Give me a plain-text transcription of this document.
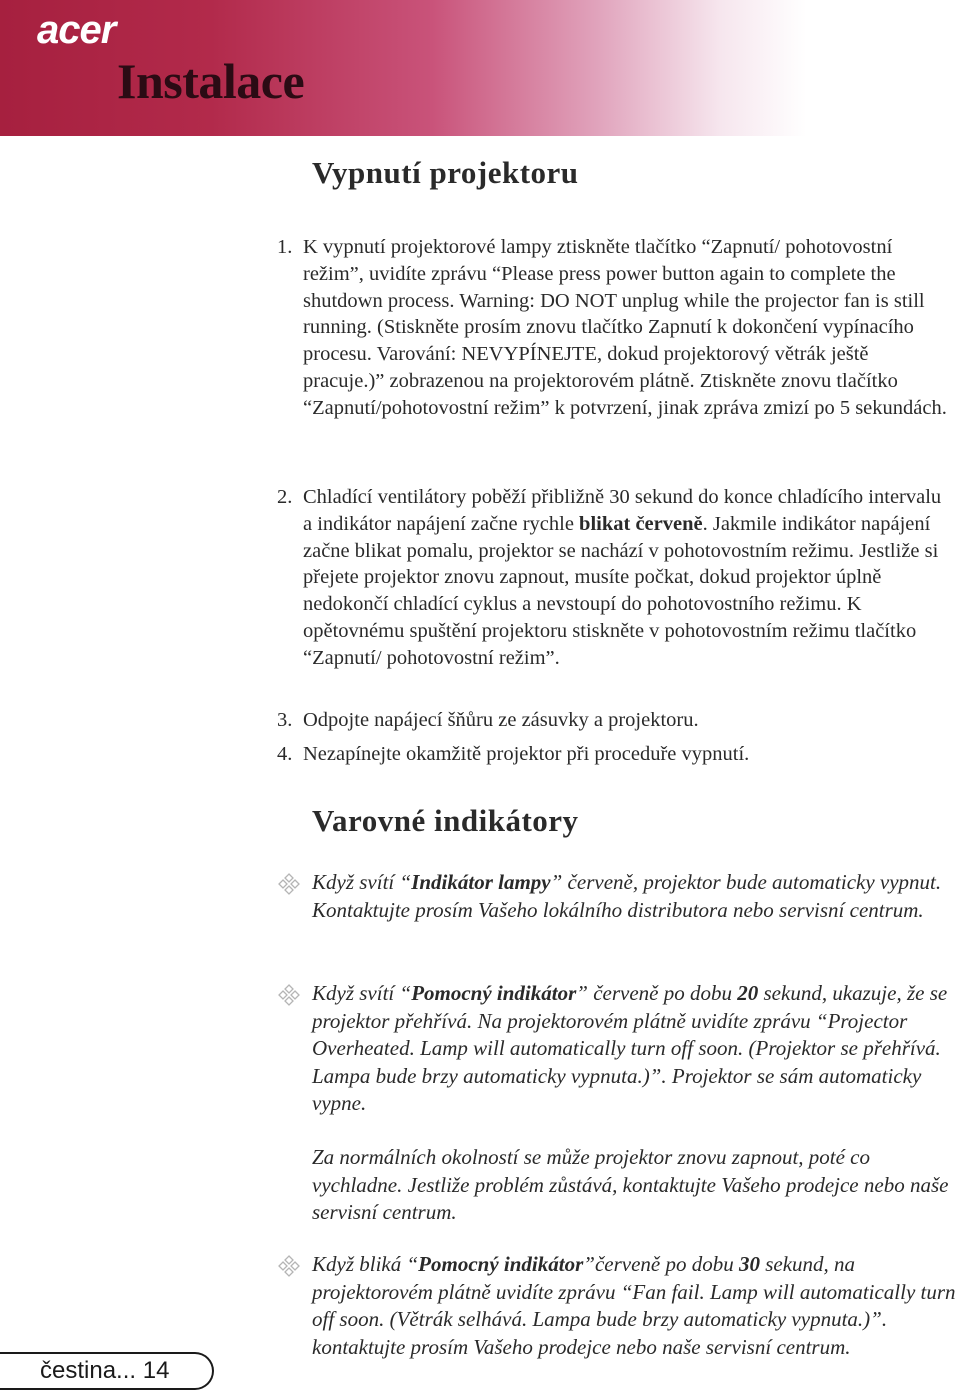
acer
Instalace
Vypnutí projektoru

1. K vypnutí projektorové lampy ztiskněte tlačítko “Zapnutí/ pohotovostní režim”, uvidíte zprávu “Please press power button again to complete the shutdown process. Warning: DO NOT unplug while the projector fan is still running. (Stiskněte prosím znovu tlačítko Zapnutí k dokončení vypínacího procesu. Varování: NEVYPÍNEJTE, dokud projektorový větrák ještě pracuje.)” zobrazenou na projektorovém plátně. Ztiskněte znovu tlačítko “Zapnutí/pohotovostní režim” k potvrzení, jinak zpráva zmizí po 5 sekundách.

2. Chladící ventilátory poběží přibližně 30 sekund do konce chladícího intervalu a indikátor napájení začne rychle blikat červeně. Jakmile indikátor napájení začne blikat pomalu, projektor se nachází v pohotovostním režimu. Jestliže si přejete projektor znovu zapnout, musíte počkat, dokud projektor úplně nedokončí chladící cyklus a nevstoupí do pohotovostního režimu. K opětovnému spuštění projektoru stiskněte v pohotovostním režimu tlačítko “Zapnutí/ pohotovostní režim”.

3. Odpojte napájecí šňůru ze zásuvky a projektoru.

4. Nezapínejte okamžitě projektor při proceduře vypnutí.

Varovné indikátory

Když svítí “Indikátor lampy” červeně, projektor bude automaticky vypnut. Kontaktujte prosím Vašeho lokálního distributora nebo servisní centrum.

Když svítí “Pomocný indikátor” červeně po dobu 20 sekund, ukazuje, že se projektor přehřívá. Na projektorovém plátně uvidíte zprávu “Projector Overheated. Lamp will automatically turn off soon. (Projektor se přehřívá. Lampa bude brzy automaticky vypnuta.)”. Projektor se sám automaticky vypne.

Za normálních okolností se může projektor znovu zapnout, poté co vychladne. Jestliže problém zůstává, kontaktujte Vašeho prodejce nebo naše servisní centrum.

Když bliká “Pomocný indikátor”červeně po dobu 30 sekund, na projektorovém plátně uvidíte zprávu “Fan fail. Lamp will automatically turn off soon. (Větrák selhává. Lampa bude brzy automaticky vypnuta.)”. kontaktujte prosím Vašeho prodejce nebo naše servisní centrum.

čestina... 14
